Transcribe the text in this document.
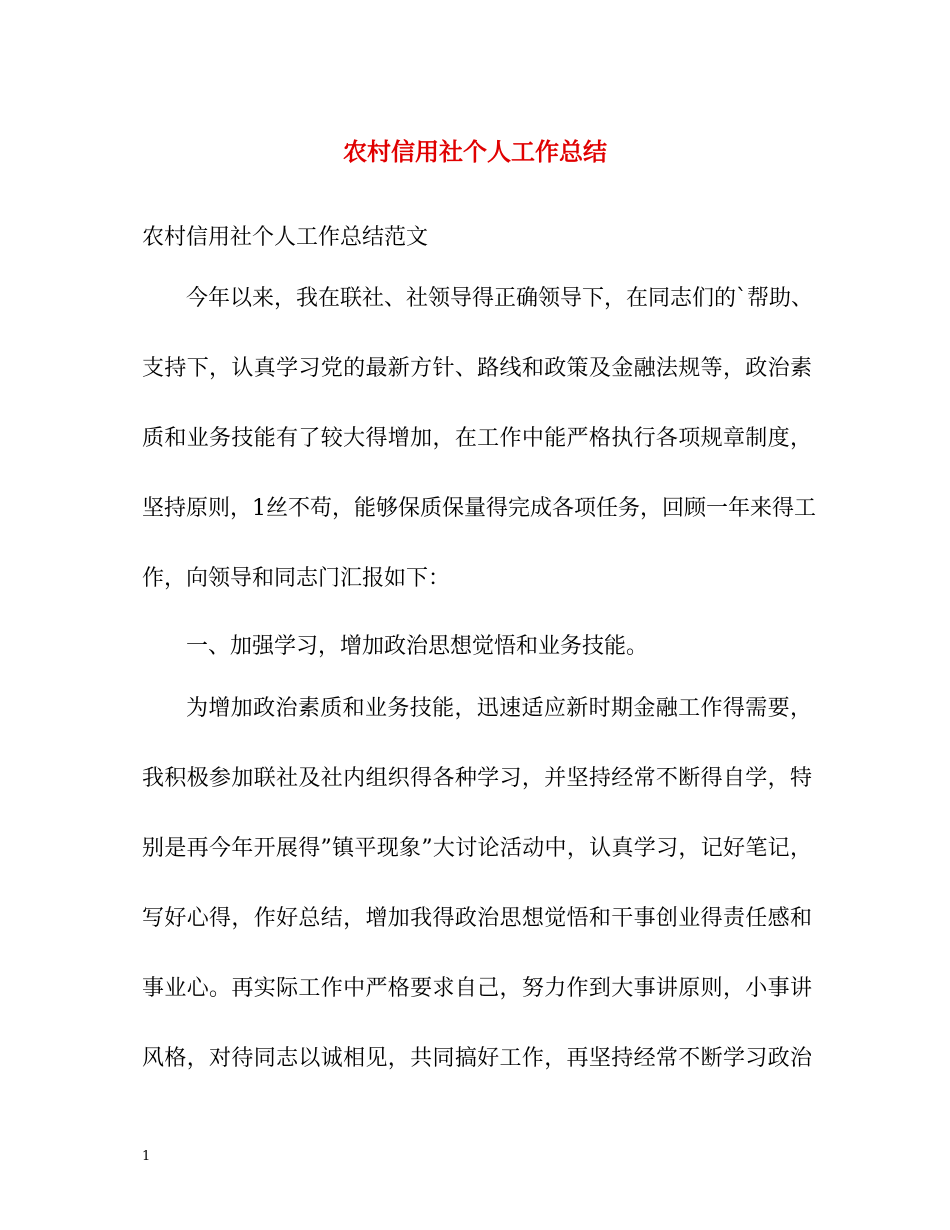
农村信用社个人工作总结

农村信用社个人工作总结范文

今年以来，我在联社、社领导得正确领导下，在同志们的`帮助、

支持下，认真学习党的最新方针、路线和政策及金融法规等，政治素

质和业务技能有了较大得增加，在工作中能严格执行各项规章制度，

坚持原则，1丝不苟，能够保质保量得完成各项任务，回顾一年来得工

作，向领导和同志门汇报如下：

一、加强学习，增加政治思想觉悟和业务技能。

为增加政治素质和业务技能，迅速适应新时期金融工作得需要，

我积极参加联社及社内组织得各种学习，并坚持经常不断得自学，特

别是再今年开展得”镇平现象”大讨论活动中，认真学习，记好笔记，

写好心得，作好总结，增加我得政治思想觉悟和干事创业得责任感和

事业心。再实际工作中严格要求自己，努力作到大事讲原则，小事讲

风格，对待同志以诚相见，共同搞好工作，再坚持经常不断学习政治

1
